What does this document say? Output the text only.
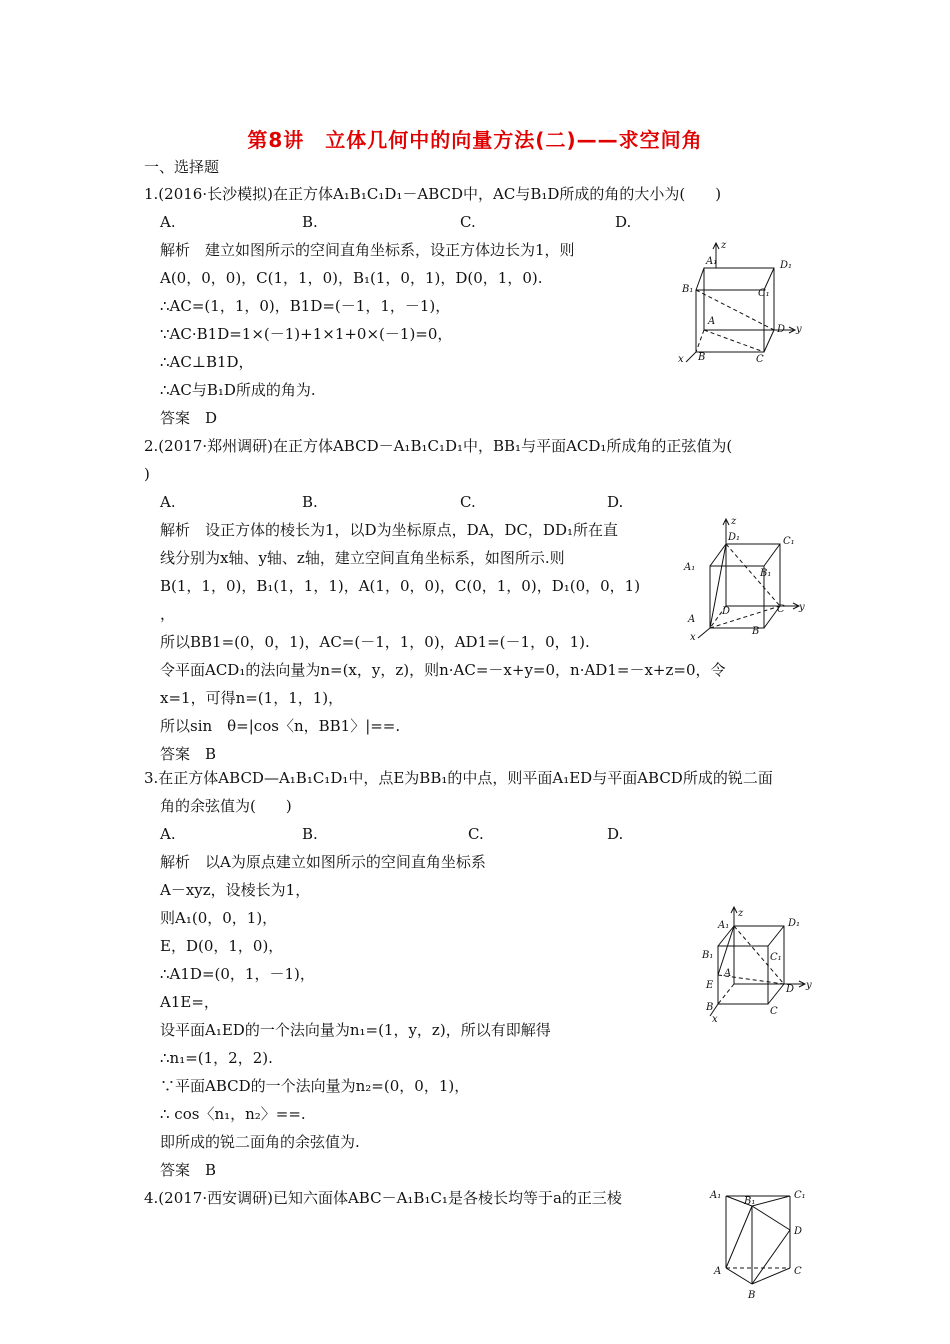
第8讲　立体几何中的向量方法(二)——求空间角
一、选择题
1.(2016·长沙模拟)在正方体A₁B₁C₁D₁－ABCD中，AC与B₁D所成的角的大小为(　　)
A.	B.	C.	D.
解析　建立如图所示的空间直角坐标系，设正方体边长为1，则
A(0，0，0)，C(1，1，0)，B₁(1，0，1)，D(0，1，0).
∴AC=(1，1，0)，B1D=(－1，1，－1)，
∵AC·B1D=1×(－1)+1×1+0×(－1)=0，
∴AC⊥B1D，
∴AC与B₁D所成的角为.
答案　D
z
A₁	D₁
B₁	C₁
A
D y
x B	C
2.(2017·郑州调研)在正方体ABCD－A₁B₁C₁D₁中，BB₁与平面ACD₁所成角的正弦值为(
)
A.	B.	C.	D.
解析　设正方体的棱长为1，以D为坐标原点，DA，DC，DD₁所在直
线分别为x轴、y轴、z轴，建立空间直角坐标系，如图所示.则
B(1，1，0)，B₁(1，1，1)，A(1，0，0)，C(0，1，0)，D₁(0，0，1)
，
所以BB1=(0，0，1)，AC=(－1，1，0)，AD1=(－1，0，1).
令平面ACD₁的法向量为n=(x，y，z)，则n·AC=－x+y=0，n·AD1=－x+z=0，令
x=1，可得n=(1，1，1)，
所以sin　θ=|cos〈n，BB1〉|==.
答案　B
z
D₁	C₁
A₁
B₁
D	C y
A
B
x
3.在正方体ABCD—A₁B₁C₁D₁中，点E为BB₁的中点，则平面A₁ED与平面ABCD所成的锐二面
角的余弦值为(　　)
A.	B.	C.	D.
解析　以A为原点建立如图所示的空间直角坐标系
A－xyz，设棱长为1，
则A₁(0，0，1)，
E，D(0，1，0)，
∴A1D=(0，1，－1)，
A1E=，
设平面A₁ED的一个法向量为n₁=(1，y，z)，所以有即解得
∴n₁=(1，2，2).
∵平面ABCD的一个法向量为n₂=(0，0，1)，
∴ cos〈n₁，n₂〉==.
即所成的锐二面角的余弦值为.
答案　B
z
A₁	D₁
B₁	C₁
A
E	D y
B
x
C
4.(2017·西安调研)已知六面体ABC－A₁B₁C₁是各棱长均等于a的正三棱	A₁
B₁
C₁
D
A	C
B
